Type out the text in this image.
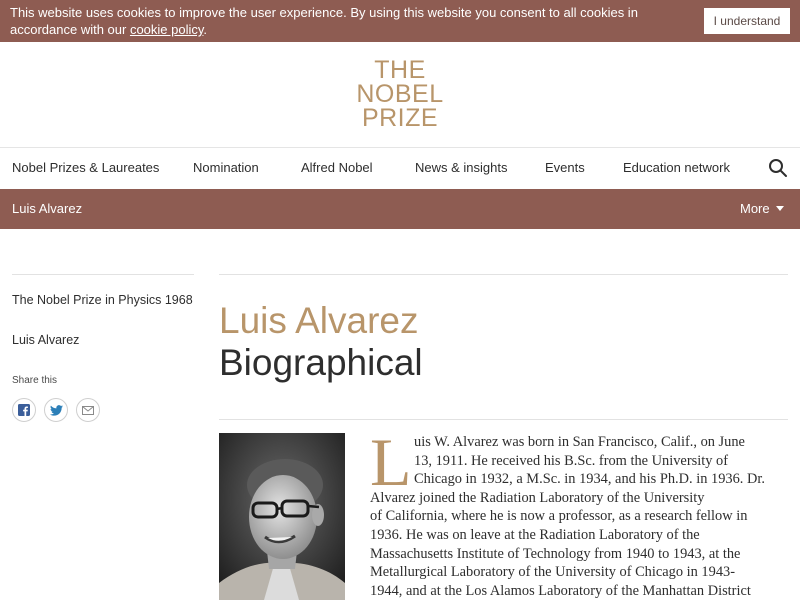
This website uses cookies to improve the user experience. By using this website you consent to all cookies in accordance with our cookie policy.
I understand
THE
NOBEL
PRIZE
Nobel Prizes & Laureates	Nomination	Alfred Nobel	News & insights	Events	Education network
Luis Alvarez	More
The Nobel Prize in Physics 1968
Luis Alvarez
Share this
Luis Alvarez
Biographical
L uis W. Alvarez was born in San Francisco, Calif., on June
13, 1911. He received his B.Sc. from the University of
Chicago in 1932, a M.Sc. in 1934, and his Ph.D. in 1936. Dr.
Alvarez joined the Radiation Laboratory of the University
of California, where he is now a professor, as a research fellow in
1936. He was on leave at the Radiation Laboratory of the
Massachusetts Institute of Technology from 1940 to 1943, at the
Metallurgical Laboratory of the University of Chicago in 1943-
1944, and at the Los Alamos Laboratory of the Manhattan District
